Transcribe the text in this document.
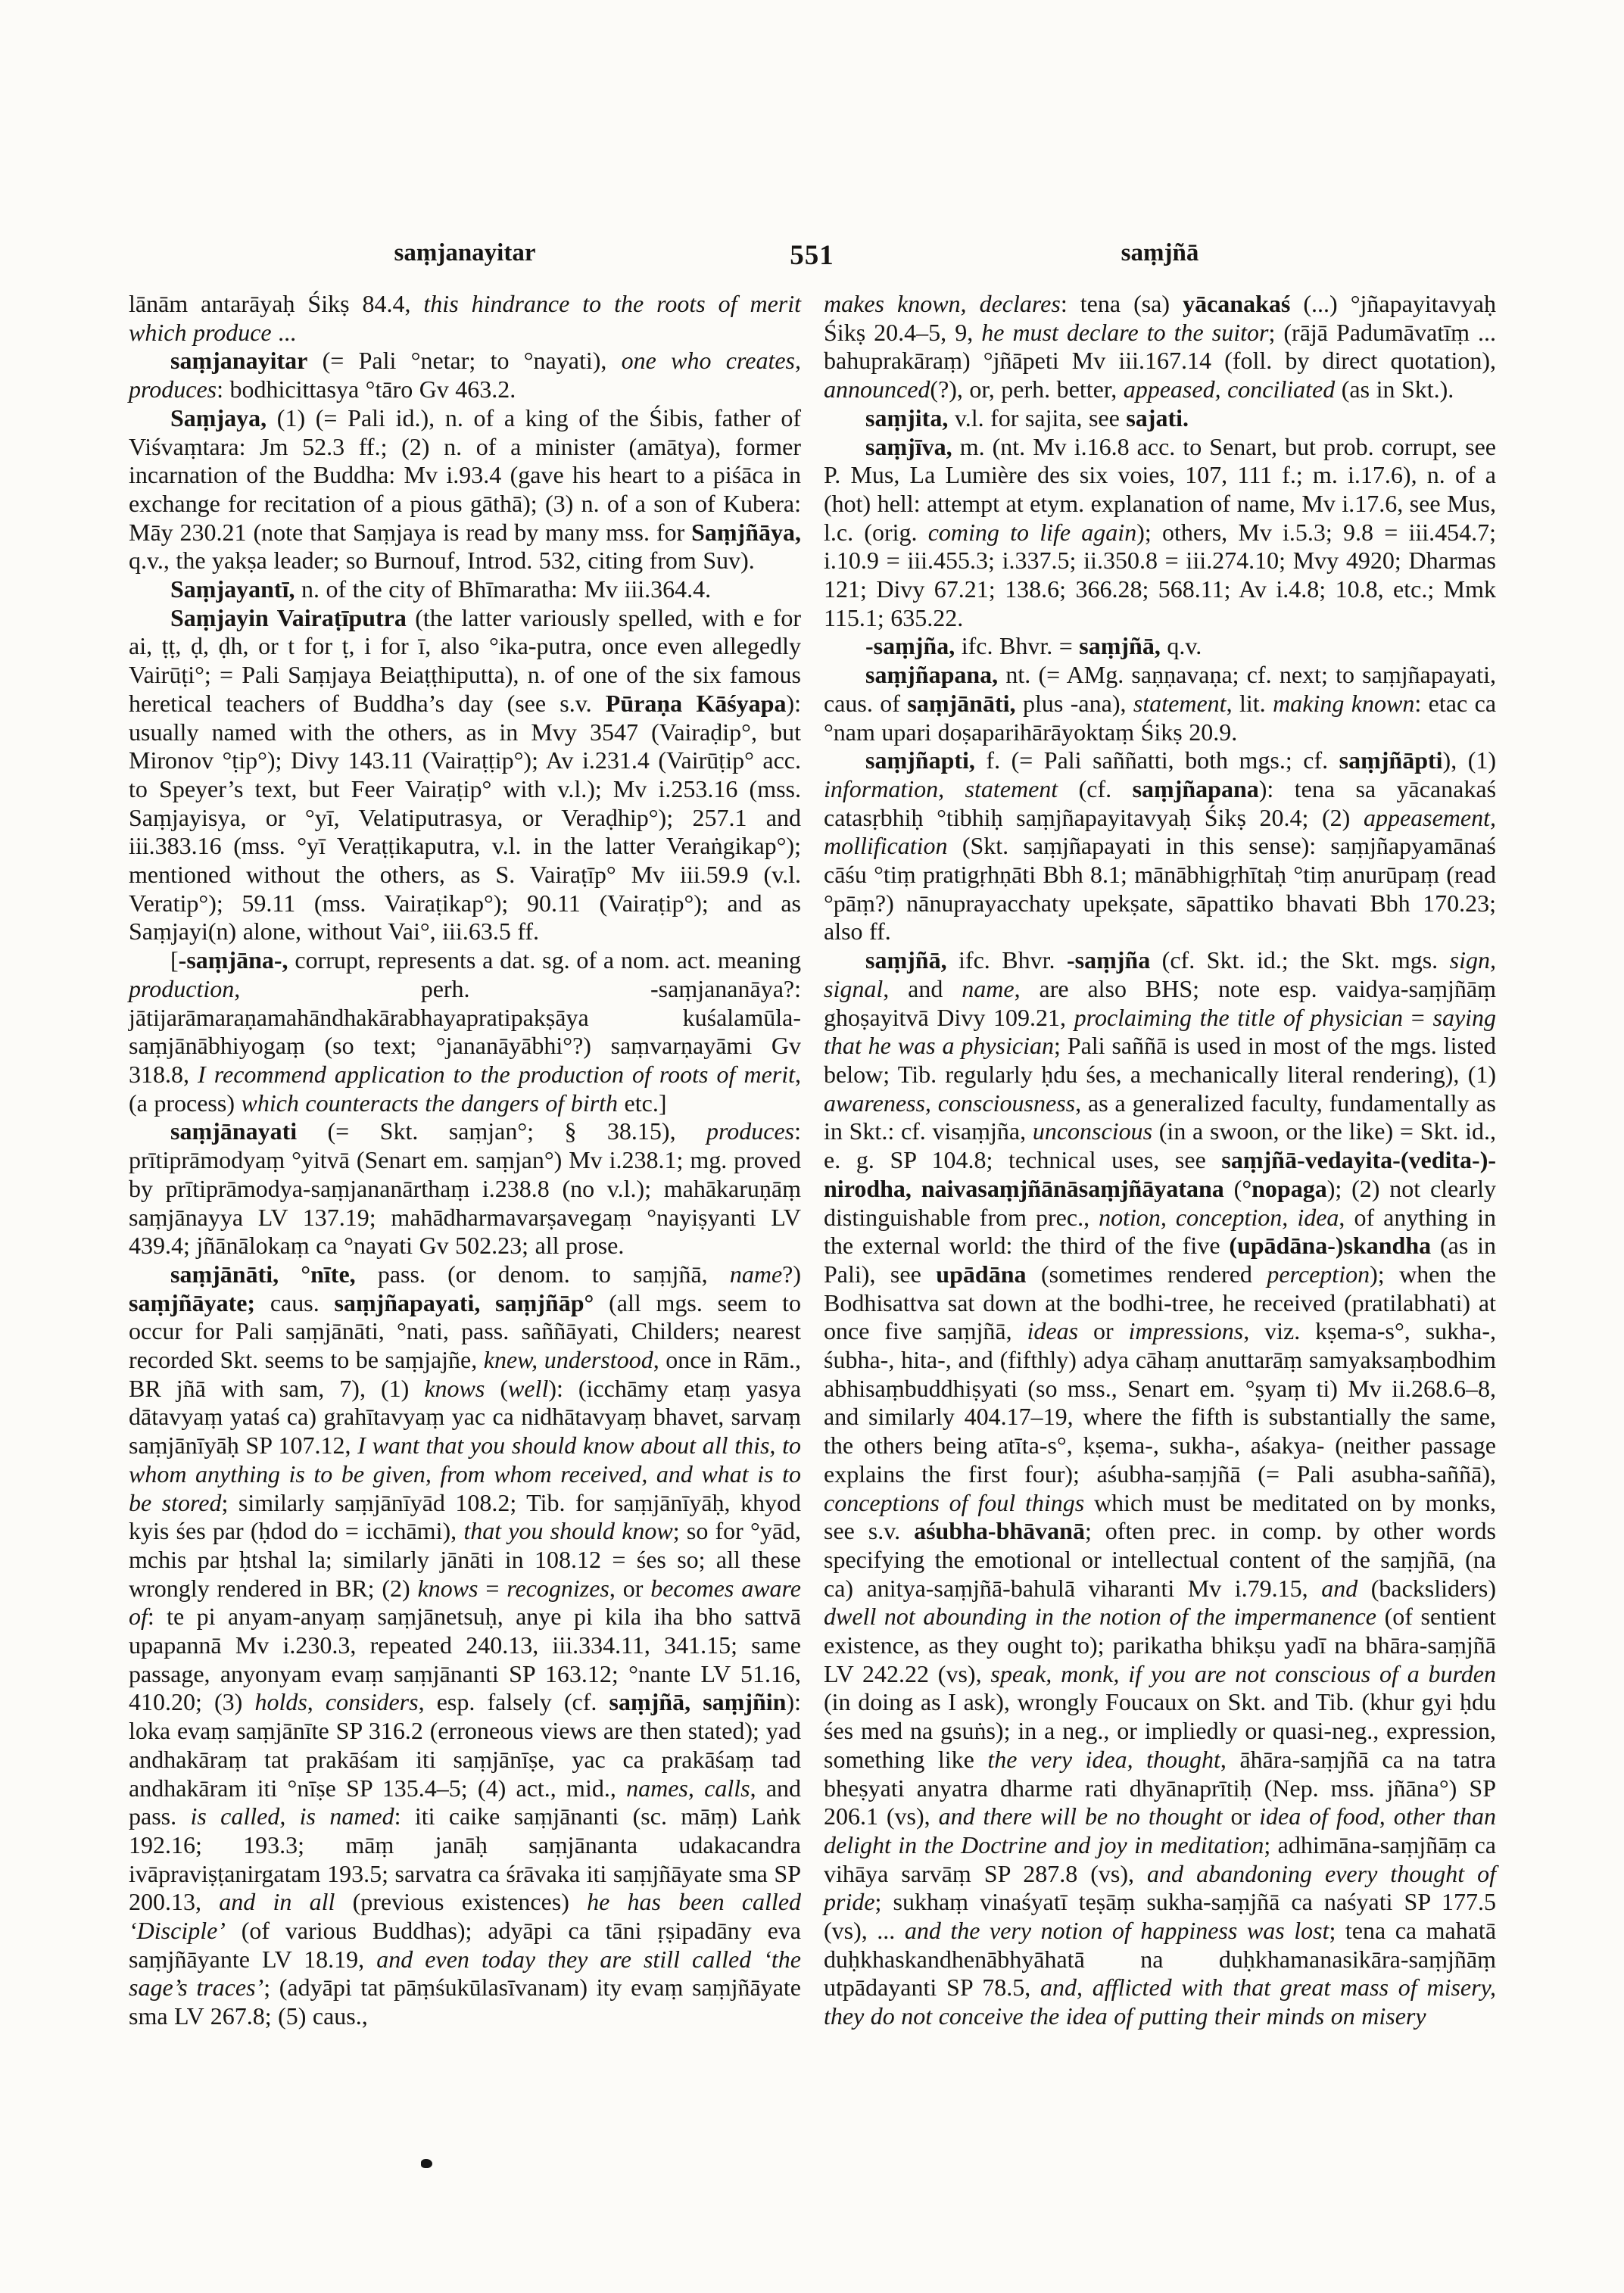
saṃjanayitar	551	saṃjñā

lānām antarāyaḥ Śikṣ 84.4, this hindrance to the roots of merit which produce ...

saṃjanayitar (= Pali °netar; to °nayati), one who creates, produces: bodhicittasya °tāro Gv 463.2.

Saṃjaya, (1) (= Pali id.), n. of a king of the Śibis, father of Viśvaṃtara: Jm 52.3 ff.; (2) n. of a minister (amātya), former incarnation of the Buddha: Mv i.93.4 (gave his heart to a piśāca in exchange for recitation of a pious gāthā); (3) n. of a son of Kubera: Māy 230.21 (note that Saṃjaya is read by many mss. for Saṃjñāya, q.v., the yakṣa leader; so Burnouf, Introd. 532, citing from Suv).

Saṃjayantī, n. of the city of Bhīmaratha: Mv iii.364.4.

Saṃjayin Vairaṭīputra (the latter variously spelled, with e for ai, ṭṭ, ḍ, ḍh, or t for ṭ, i for ī, also °ika-putra, once even allegedly Vairūṭi°; = Pali Saṃjaya Beiaṭṭhiputta), n. of one of the six famous heretical teachers of Buddha’s day (see s.v. Pūraṇa Kāśyapa): usually named with the others, as in Mvy 3547 (Vairaḍip°, but Mironov °ṭip°); Divy 143.11 (Vairaṭṭip°); Av i.231.4 (Vairūṭip° acc. to Speyer’s text, but Feer Vairaṭip° with v.l.); Mv i.253.16 (mss. Saṃjayisya, or °yī, Velatiputrasya, or Veraḍhip°); 257.1 and iii.383.16 (mss. °yī Veraṭṭikaputra, v.l. in the latter Veraṅgikap°); mentioned without the others, as S. Vairaṭīp° Mv iii.59.9 (v.l. Veratip°); 59.11 (mss. Vairaṭikap°); 90.11 (Vairaṭip°); and as Saṃjayi(n) alone, without Vai°, iii.63.5 ff.

[-saṃjāna-, corrupt, represents a dat. sg. of a nom. act. meaning production, perh. -saṃjananāya?: jātijarāmaraṇamahāndhakārabhayapratipakṣāya kuśalamūla-saṃjānābhiyogaṃ (so text; °jananāyābhi°?) saṃvarṇayāmi Gv 318.8, I recommend application to the production of roots of merit, (a process) which counteracts the dangers of birth etc.]

saṃjānayati (= Skt. saṃjan°; § 38.15), produces: prītiprāmodyaṃ °yitvā (Senart em. saṃjan°) Mv i.238.1; mg. proved by prītiprāmodya-saṃjananārthaṃ i.238.8 (no v.l.); mahākaruṇāṃ saṃjānayya LV 137.19; mahādharmavarṣavegaṃ °nayiṣyanti LV 439.4; jñānālokaṃ ca °nayati Gv 502.23; all prose.

saṃjānāti, °nīte, pass. (or denom. to saṃjñā, name?) saṃjñāyate; caus. saṃjñapayati, saṃjñāp° (all mgs. seem to occur for Pali saṃjānāti, °nati, pass. saññāyati, Childers; nearest recorded Skt. seems to be saṃjajñe, knew, understood, once in Rām., BR jñā with sam, 7), (1) knows (well): (icchāmy etaṃ yasya dātavyaṃ yataś ca) grahītavyaṃ yac ca nidhātavyaṃ bhavet, sarvaṃ saṃjānīyāḥ SP 107.12, I want that you should know about all this, to whom anything is to be given, from whom received, and what is to be stored; similarly saṃjānīyād 108.2; Tib. for saṃjānīyāḥ, khyod kyis śes par (ḥdod do = icchāmi), that you should know; so for °yād, mchis par ḥtshal la; similarly jānāti in 108.12 = śes so; all these wrongly rendered in BR; (2) knows = recognizes, or becomes aware of: te pi anyam-anyaṃ saṃjānetsuḥ, anye pi kila iha bho sattvā upapannā Mv i.230.3, repeated 240.13, iii.334.11, 341.15; same passage, anyonyam evaṃ saṃjānanti SP 163.12; °nante LV 51.16, 410.20; (3) holds, considers, esp. falsely (cf. saṃjñā, saṃjñin): loka evaṃ saṃjānīte SP 316.2 (erroneous views are then stated); yad andhakāraṃ tat prakāśam iti saṃjānīṣe, yac ca prakāśaṃ tad andhakāram iti °nīṣe SP 135.4–5; (4) act., mid., names, calls, and pass. is called, is named: iti caike saṃjānanti (sc. māṃ) Laṅk 192.16; 193.3; māṃ janāḥ saṃjānanta udakacandra ivāpraviṣṭanirgatam 193.5; sarvatra ca śrāvaka iti saṃjñāyate sma SP 200.13, and in all (previous existences) he has been called ‘Disciple’ (of various Buddhas); adyāpi ca tāni ṛṣipadāny eva saṃjñāyante LV 18.19, and even today they are still called ‘the sage’s traces’; (adyāpi tat pāṃśukūlasīvanam) ity evaṃ saṃjñāyate sma LV 267.8; (5) caus.,

makes known, declares: tena (sa) yācanakaś (...) °jñapayitavyaḥ Śikṣ 20.4–5, 9, he must declare to the suitor; (rājā Padumāvatīṃ ... bahuprakāraṃ) °jñāpeti Mv iii.167.14 (foll. by direct quotation), announced(?), or, perh. better, appeased, conciliated (as in Skt.).

saṃjita, v.l. for sajita, see sajati.

saṃjīva, m. (nt. Mv i.16.8 acc. to Senart, but prob. corrupt, see P. Mus, La Lumière des six voies, 107, 111 f.; m. i.17.6), n. of a (hot) hell: attempt at etym. explanation of name, Mv i.17.6, see Mus, l.c. (orig. coming to life again); others, Mv i.5.3; 9.8 = iii.454.7; i.10.9 = iii.455.3; i.337.5; ii.350.8 = iii.274.10; Mvy 4920; Dharmas 121; Divy 67.21; 138.6; 366.28; 568.11; Av i.4.8; 10.8, etc.; Mmk 115.1; 635.22.

-saṃjña, ifc. Bhvr. = saṃjñā, q.v.

saṃjñapana, nt. (= AMg. saṇṇavaṇa; cf. next; to saṃjñapayati, caus. of saṃjānāti, plus -ana), statement, lit. making known: etac ca °nam upari doṣaparihārāyoktaṃ Śikṣ 20.9.

saṃjñapti, f. (= Pali saññatti, both mgs.; cf. saṃjñāpti), (1) information, statement (cf. saṃjñapana): tena sa yācanakaś catasṛbhiḥ °tibhiḥ saṃjñapayitavyaḥ Śikṣ 20.4; (2) appeasement, mollification (Skt. saṃjñapayati in this sense): saṃjñapyamānaś cāśu °tiṃ pratigṛhṇāti Bbh 8.1; mānābhigṛhītaḥ °tiṃ anurūpaṃ (read °pāṃ?) nānuprayacchaty upekṣate, sāpattiko bhavati Bbh 170.23; also ff.

saṃjñā, ifc. Bhvr. -saṃjña (cf. Skt. id.; the Skt. mgs. sign, signal, and name, are also BHS; note esp. vaidya-saṃjñāṃ ghoṣayitvā Divy 109.21, proclaiming the title of physician = saying that he was a physician; Pali saññā is used in most of the mgs. listed below; Tib. regularly ḥdu śes, a mechanically literal rendering), (1) awareness, consciousness, as a generalized faculty, fundamentally as in Skt.: cf. visaṃjña, unconscious (in a swoon, or the like) = Skt. id., e. g. SP 104.8; technical uses, see saṃjñā-vedayita-(vedita-)-nirodha, naivasaṃjñānāsaṃjñāyatana (°nopaga); (2) not clearly distinguishable from prec., notion, conception, idea, of anything in the external world: the third of the five (upādāna-)skandha (as in Pali), see upādāna (sometimes rendered perception); when the Bodhisattva sat down at the bodhi-tree, he received (pratilabhati) at once five saṃjñā, ideas or impressions, viz. kṣema-s°, sukha-, śubha-, hita-, and (fifthly) adya cāhaṃ anuttarāṃ samyaksaṃbodhim abhisaṃbuddhiṣyati (so mss., Senart em. °ṣyaṃ ti) Mv ii.268.6–8, and similarly 404.17–19, where the fifth is substantially the same, the others being atīta-s°, kṣema-, sukha-, aśakya- (neither passage explains the first four); aśubha-saṃjñā (= Pali asubha-saññā), conceptions of foul things which must be meditated on by monks, see s.v. aśubha-bhāvanā; often prec. in comp. by other words specifying the emotional or intellectual content of the saṃjñā, (na ca) anitya-saṃjñā-bahulā viharanti Mv i.79.15, and (backsliders) dwell not abounding in the notion of the impermanence (of sentient existence, as they ought to); parikatha bhikṣu yadī na bhāra-saṃjñā LV 242.22 (vs), speak, monk, if you are not conscious of a burden (in doing as I ask), wrongly Foucaux on Skt. and Tib. (khur gyi ḥdu śes med na gsuṅs); in a neg., or impliedly or quasi-neg., expression, something like the very idea, thought, āhāra-saṃjñā ca na tatra bheṣyati anyatra dharme rati dhyānaprītiḥ (Nep. mss. jñāna°) SP 206.1 (vs), and there will be no thought or idea of food, other than delight in the Doctrine and joy in meditation; adhimāna-saṃjñāṃ ca vihāya sarvāṃ SP 287.8 (vs), and abandoning every thought of pride; sukhaṃ vinaśyatī teṣāṃ sukha-saṃjñā ca naśyati SP 177.5 (vs), ... and the very notion of happiness was lost; tena ca mahatā duḥkhaskandhenābhyāhatā na duḥkhamanasikāra-saṃjñāṃ utpādayanti SP 78.5, and, afflicted with that great mass of misery, they do not conceive the idea of putting their minds on misery
